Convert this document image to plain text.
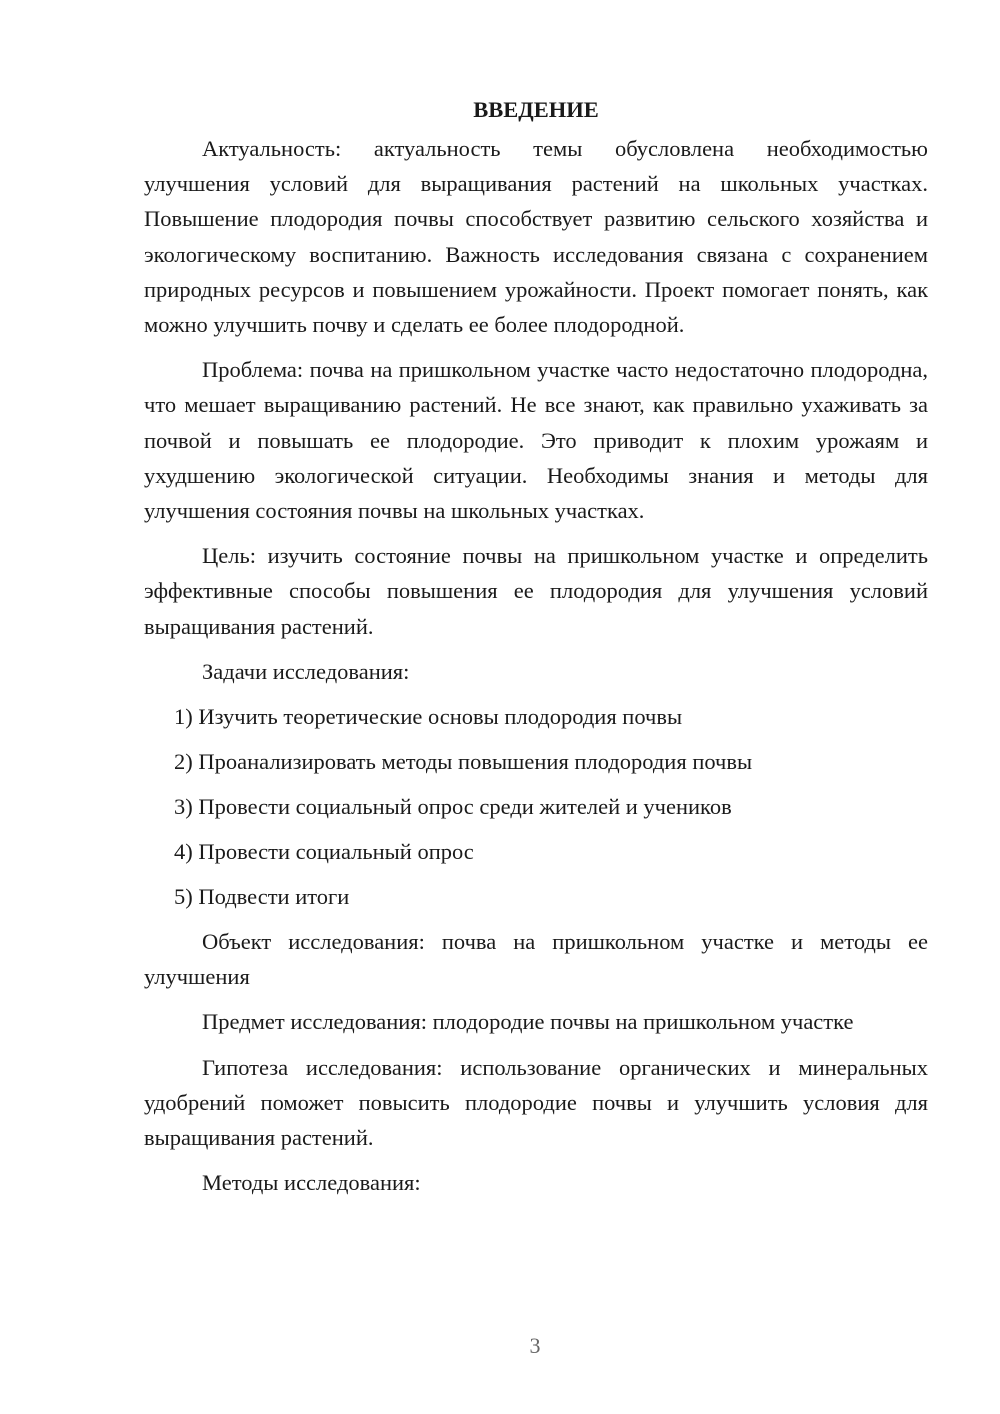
ВВЕДЕНИЕ

Актуальность: актуальность темы обусловлена необходимостью улучшения условий для выращивания растений на школьных участках. Повышение плодородия почвы способствует развитию сельского хозяйства и экологическому воспитанию. Важность исследования связана с сохранением природных ресурсов и повышением урожайности. Проект помогает понять, как можно улучшить почву и сделать ее более плодородной.

Проблема: почва на пришкольном участке часто недостаточно плодородна, что мешает выращиванию растений. Не все знают, как правильно ухаживать за почвой и повышать ее плодородие. Это приводит к плохим урожаям и ухудшению экологической ситуации. Необходимы знания и методы для улучшения состояния почвы на школьных участках.

Цель: изучить состояние почвы на пришкольном участке и определить эффективные способы повышения ее плодородия для улучшения условий выращивания растений.

Задачи исследования:

1) Изучить теоретические основы плодородия почвы
2) Проанализировать методы повышения плодородия почвы
3) Провести социальный опрос среди жителей и учеников
4) Провести социальный опрос
5) Подвести итоги

Объект исследования: почва на пришкольном участке и методы ее улучшения

Предмет исследования: плодородие почвы на пришкольном участке

Гипотеза исследования: использование органических и минеральных удобрений поможет повысить плодородие почвы и улучшить условия для выращивания растений.

Методы исследования:

3
